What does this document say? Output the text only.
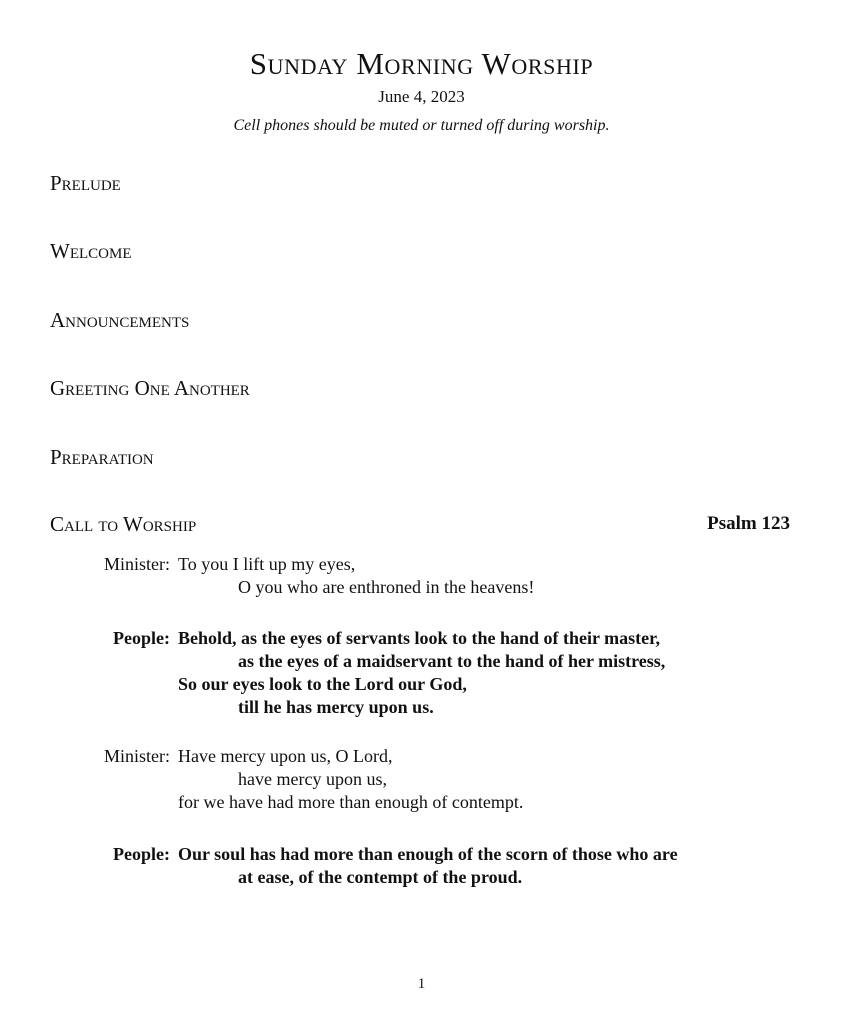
Sunday Morning Worship
June 4, 2023
Cell phones should be muted or turned off during worship.
Prelude
Welcome
Announcements
Greeting One Another
Preparation
Call to Worship	Psalm 123
Minister: To you I lift up my eyes,
O you who are enthroned in the heavens!
People: Behold, as the eyes of servants look to the hand of their master,
as the eyes of a maidservant to the hand of her mistress,
So our eyes look to the Lord our God,
till he has mercy upon us.
Minister: Have mercy upon us, O Lord,
have mercy upon us,
for we have had more than enough of contempt.
People: Our soul has had more than enough of the scorn of those who are
at ease, of the contempt of the proud.
1
